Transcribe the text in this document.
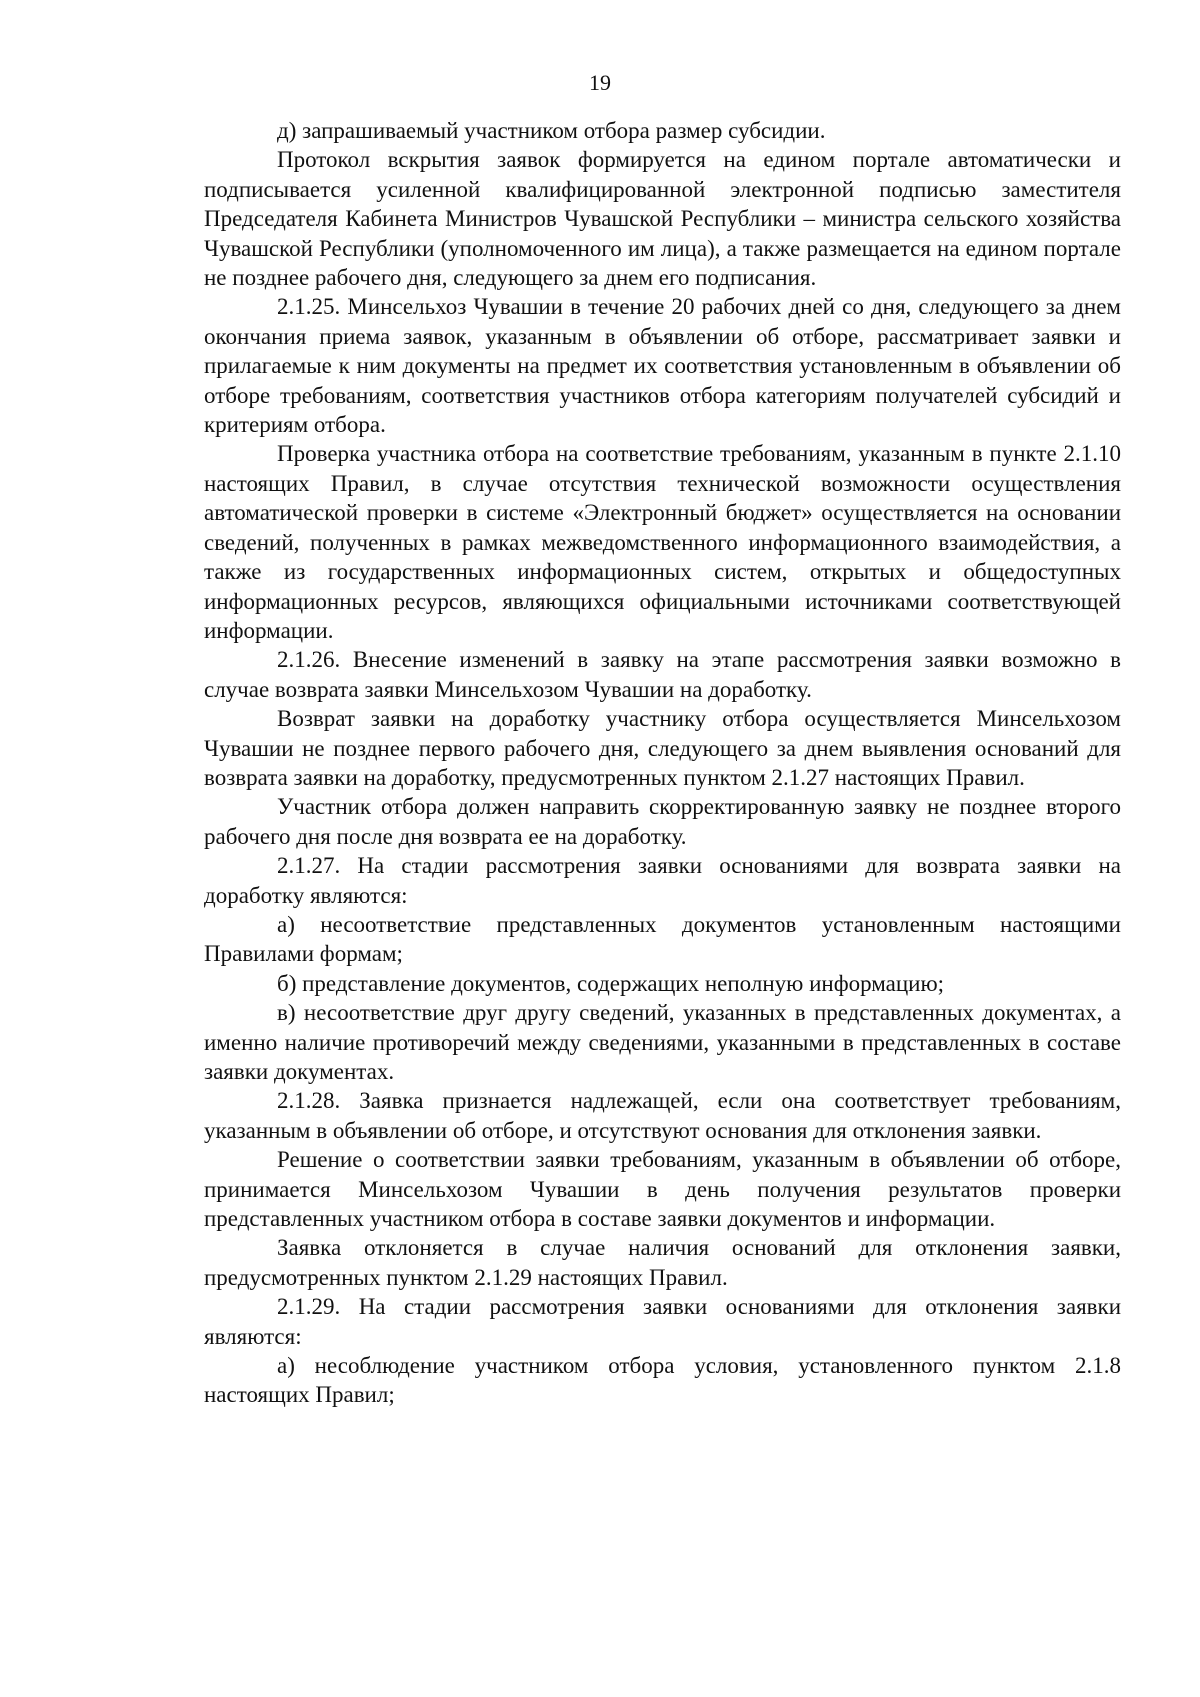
19

д) запрашиваемый участником отбора размер субсидии.

Протокол вскрытия заявок формируется на едином портале автоматически и подписывается усиленной квалифицированной электронной подписью заместителя Председателя Кабинета Министров Чувашской Республики – министра сельского хозяйства Чувашской Республики (уполномоченного им лица), а также размещается на едином портале не позднее рабочего дня, следующего за днем его подписания.

2.1.25. Минсельхоз Чувашии в течение 20 рабочих дней со дня, следующего за днем окончания приема заявок, указанным в объявлении об отборе, рассматривает заявки и прилагаемые к ним документы на предмет их соответствия установленным в объявлении об отборе требованиям, соответствия участников отбора категориям получателей субсидий и критериям отбора.

Проверка участника отбора на соответствие требованиям, указанным в пункте 2.1.10 настоящих Правил, в случае отсутствия технической возможности осуществления автоматической проверки в системе «Электронный бюджет» осуществляется на основании сведений, полученных в рамках межведомственного информационного взаимодействия, а также из государственных информационных систем, открытых и общедоступных информационных ресурсов, являющихся официальными источниками соответствующей информации.

2.1.26. Внесение изменений в заявку на этапе рассмотрения заявки возможно в случае возврата заявки Минсельхозом Чувашии на доработку.

Возврат заявки на доработку участнику отбора осуществляется Минсельхозом Чувашии не позднее первого рабочего дня, следующего за днем выявления оснований для возврата заявки на доработку, предусмотренных пунктом 2.1.27 настоящих Правил.

Участник отбора должен направить скорректированную заявку не позднее второго рабочего дня после дня возврата ее на доработку.

2.1.27. На стадии рассмотрения заявки основаниями для возврата заявки на доработку являются:

а) несоответствие представленных документов установленным настоящими Правилами формам;

б) представление документов, содержащих неполную информацию;

в) несоответствие друг другу сведений, указанных в представленных документах, а именно наличие противоречий между сведениями, указанными в представленных в составе заявки документах.

2.1.28. Заявка признается надлежащей, если она соответствует требованиям, указанным в объявлении об отборе, и отсутствуют основания для отклонения заявки.

Решение о соответствии заявки требованиям, указанным в объявлении об отборе, принимается Минсельхозом Чувашии в день получения результатов проверки представленных участником отбора в составе заявки документов и информации.

Заявка отклоняется в случае наличия оснований для отклонения заявки, предусмотренных пунктом 2.1.29 настоящих Правил.

2.1.29. На стадии рассмотрения заявки основаниями для отклонения заявки являются:

а) несоблюдение участником отбора условия, установленного пунктом 2.1.8 настоящих Правил;
